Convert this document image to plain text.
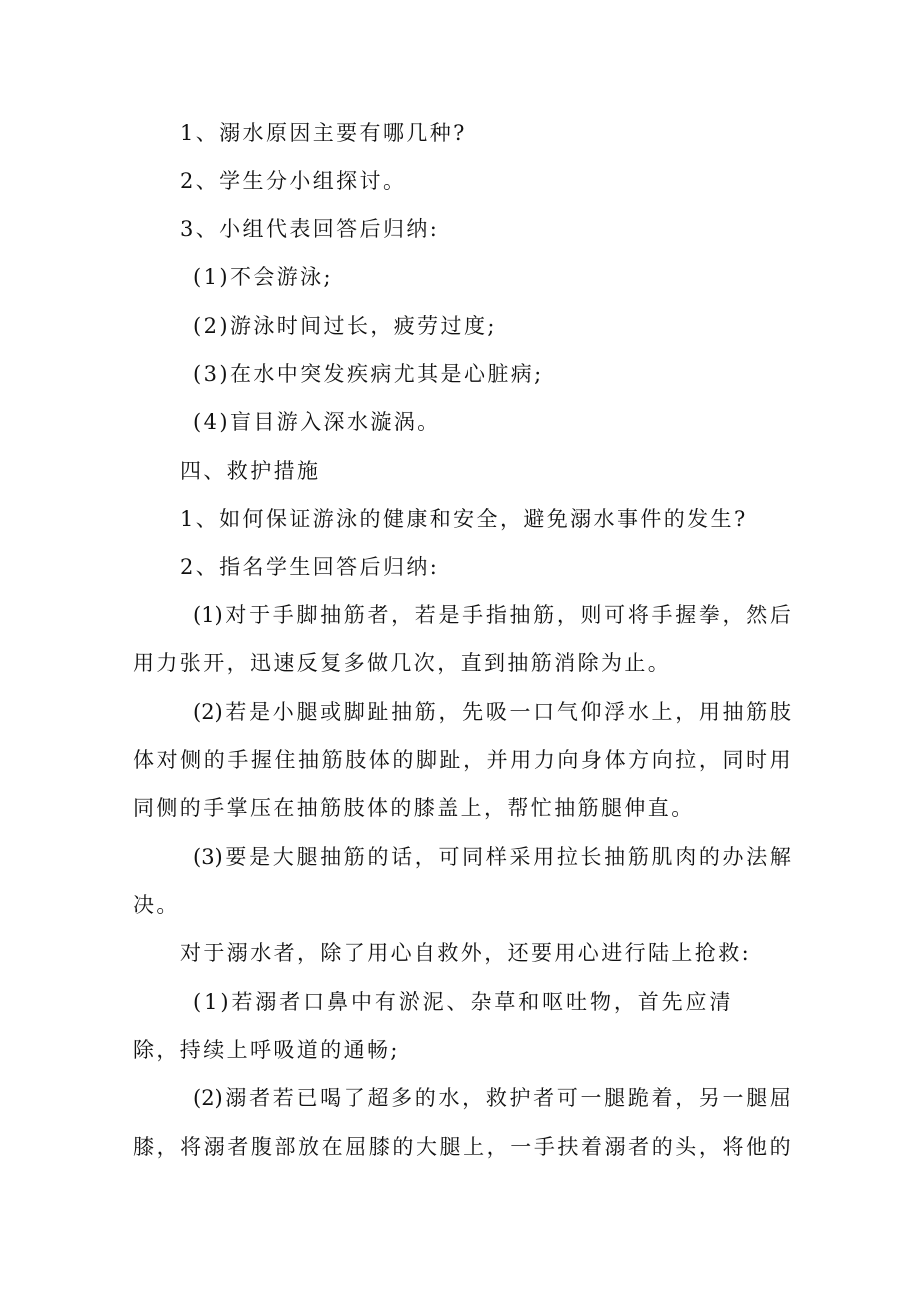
1、溺水原因主要有哪几种?
2、学生分小组探讨。
3、小组代表回答后归纳:
(1)不会游泳;
(2)游泳时间过长，疲劳过度;
(3)在水中突发疾病尤其是心脏病;
(4)盲目游入深水漩涡。
四、救护措施
1、如何保证游泳的健康和安全，避免溺水事件的发生?
2、指名学生回答后归纳:
(1) 对 于 手 脚 抽 筋 者 ， 若 是 手 指 抽 筋 ， 则 可 将 手 握 拳 ， 然 后
用力张开，迅速反复多做几次，直到抽筋消除为止。
(2) 若 是 小 腿 或 脚 趾 抽 筋 ， 先 吸 一 口 气 仰 浮 水 上 ， 用 抽 筋 肢
体 对 侧 的 手 握 住 抽 筋 肢 体 的 脚 趾 ， 并 用 力 向 身 体 方 向 拉 ， 同 时 用
同侧的手掌压在抽筋肢体的膝盖上，帮忙抽筋腿伸直。
(3) 要 是 大 腿 抽 筋 的 话 ， 可 同 样 采 用 拉 长 抽 筋 肌 肉 的 办 法 解
决。
对于溺水者，除了用心自救外，还要用心进行陆上抢救:
(1)若溺者口鼻中有淤泥、杂草和呕吐物，首先应清
除，持续上呼吸道的通畅;
(2) 溺 者 若 已 喝 了 超 多 的 水 ， 救 护 者 可 一 腿 跪 着 ， 另 一 腿 屈
膝 ， 将 溺 者 腹 部 放 在 屈 膝 的 大 腿 上 ， 一 手 扶 着 溺 者 的 头 ， 将 他 的
